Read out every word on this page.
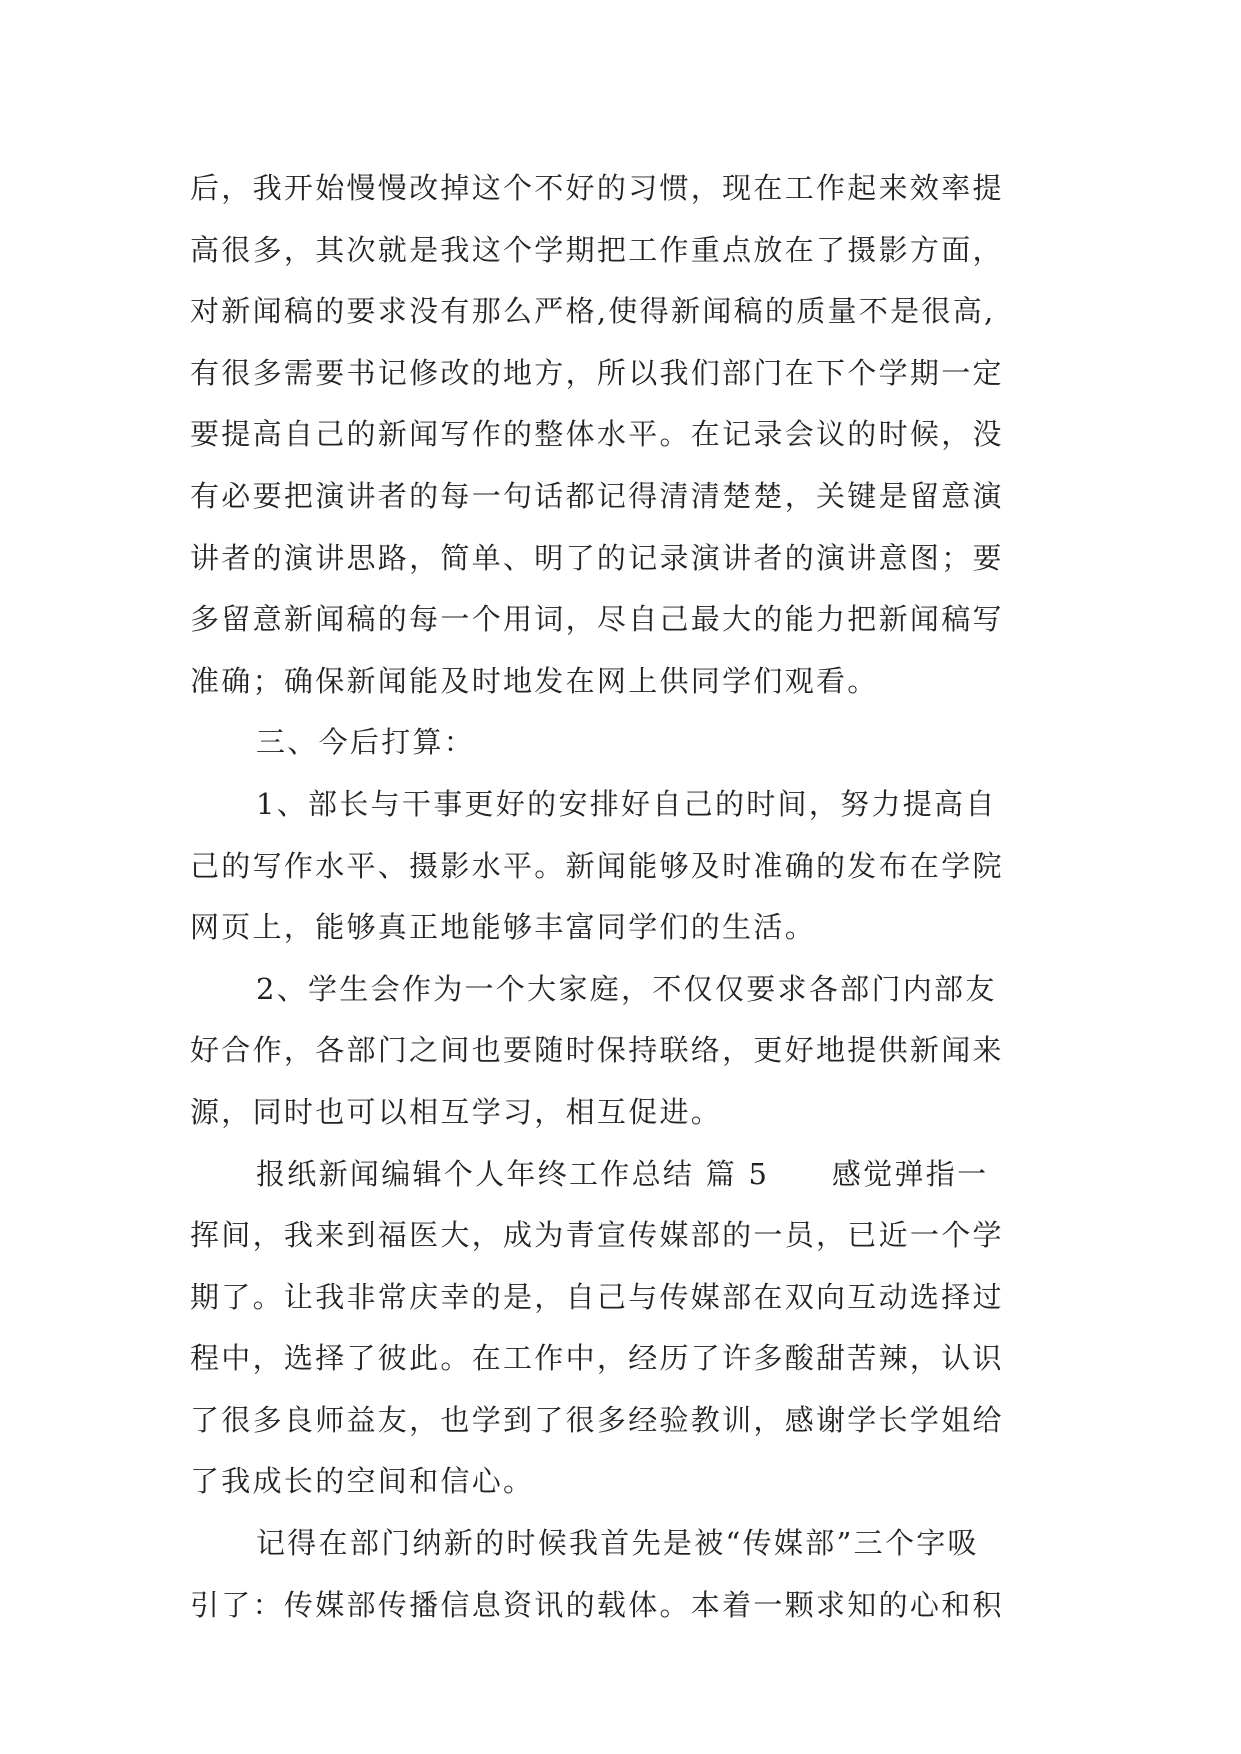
后，我开始慢慢改掉这个不好的习惯，现在工作起来效率提
高很多，其次就是我这个学期把工作重点放在了摄影方面，
对新闻稿的要求没有那么严格,使得新闻稿的质量不是很高,
有很多需要书记修改的地方，所以我们部门在下个学期一定
要提高自己的新闻写作的整体水平。在记录会议的时候，没
有必要把演讲者的每一句话都记得清清楚楚，关键是留意演
讲者的演讲思路，简单、明了的记录演讲者的演讲意图；要
多留意新闻稿的每一个用词，尽自己最大的能力把新闻稿写
准确；确保新闻能及时地发在网上供同学们观看。
三、今后打算：
1、部长与干事更好的安排好自己的时间，努力提高自
己的写作水平、摄影水平。新闻能够及时准确的发布在学院
网页上，能够真正地能够丰富同学们的生活。
2、学生会作为一个大家庭，不仅仅要求各部门内部友
好合作，各部门之间也要随时保持联络，更好地提供新闻来
源，同时也可以相互学习，相互促进。
报纸新闻编辑个人年终工作总结 篇 5　　感觉弹指一
挥间，我来到福医大，成为青宣传媒部的一员，已近一个学
期了。让我非常庆幸的是，自己与传媒部在双向互动选择过
程中，选择了彼此。在工作中，经历了许多酸甜苦辣，认识
了很多良师益友，也学到了很多经验教训，感谢学长学姐给
了我成长的空间和信心。
记得在部门纳新的时候我首先是被“传媒部”三个字吸
引了：传媒部传播信息资讯的载体。本着一颗求知的心和积
